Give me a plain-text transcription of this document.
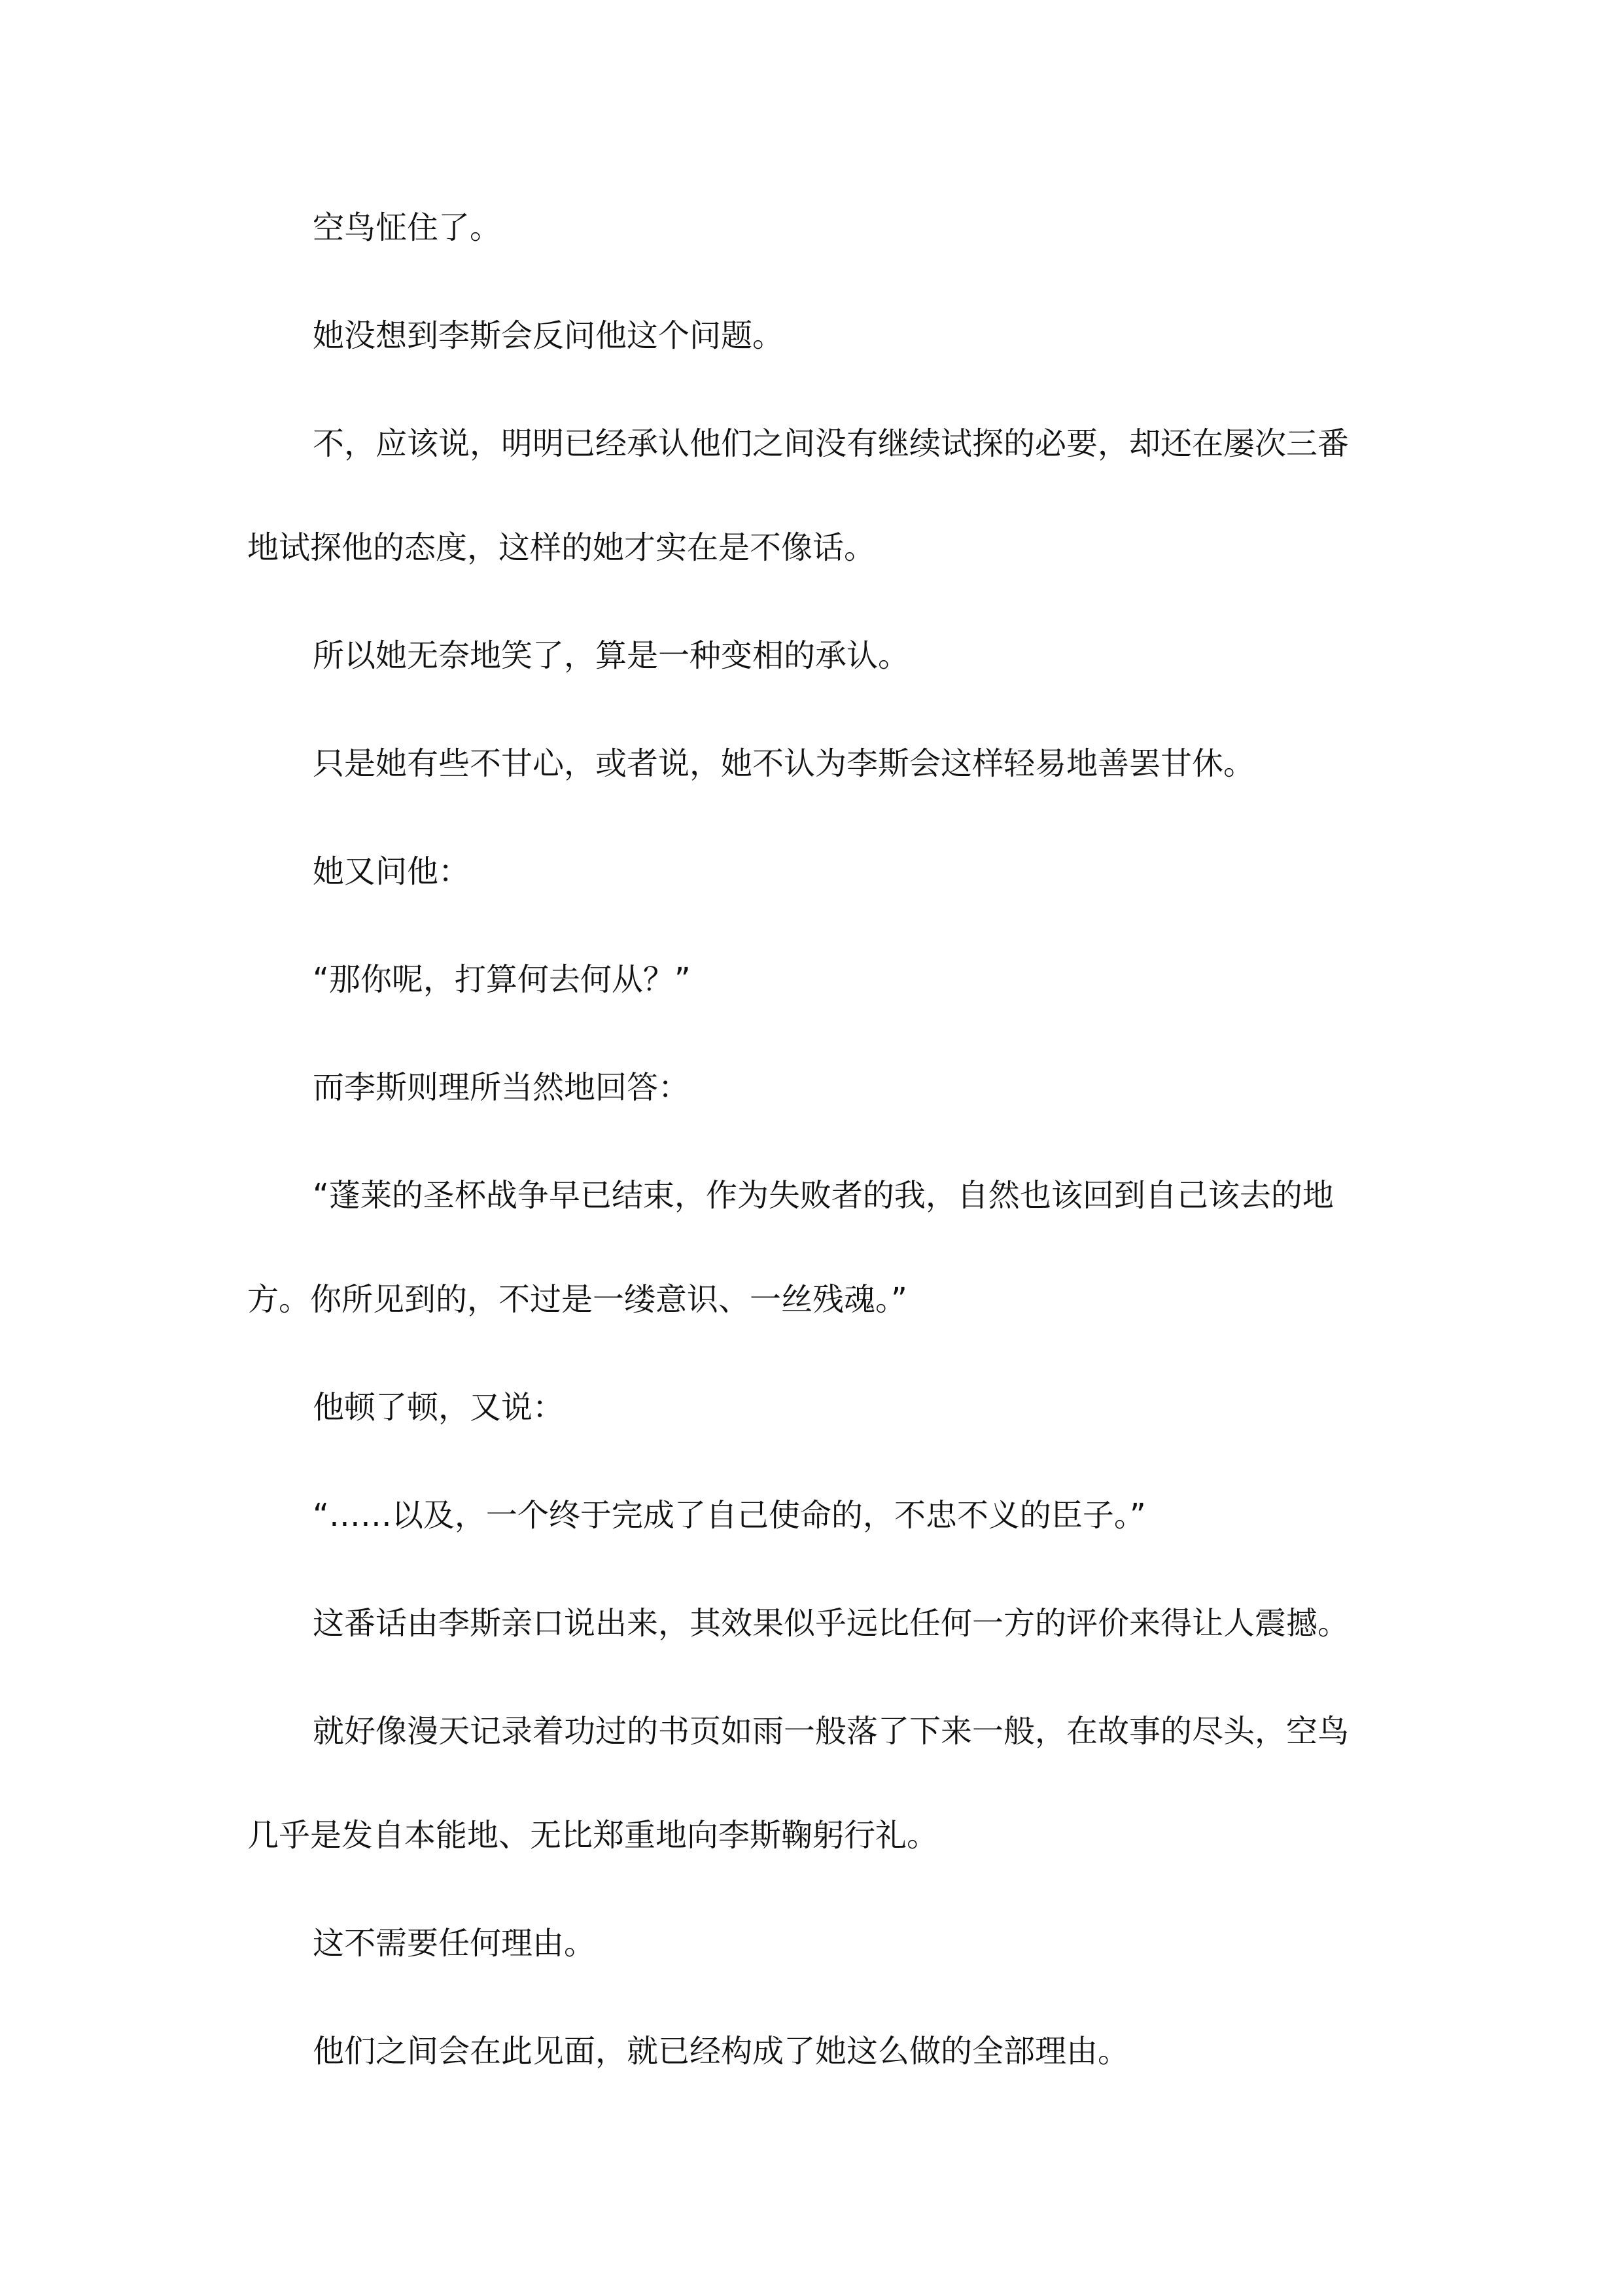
空鸟怔住了。

她没想到李斯会反问他这个问题。

不，应该说，明明已经承认他们之间没有继续试探的必要，却还在屡次三番
地试探他的态度，这样的她才实在是不像话。

所以她无奈地笑了，算是一种变相的承认。

只是她有些不甘心，或者说，她不认为李斯会这样轻易地善罢甘休。

她又问他：

“那你呢，打算何去何从？”

而李斯则理所当然地回答：

“蓬莱的圣杯战争早已结束，作为失败者的我，自然也该回到自己该去的地
方。你所见到的，不过是一缕意识、一丝残魂。”

他顿了顿，又说：

“……以及，一个终于完成了自己使命的，不忠不义的臣子。”

这番话由李斯亲口说出来，其效果似乎远比任何一方的评价来得让人震撼。

就好像漫天记录着功过的书页如雨一般落了下来一般，在故事的尽头，空鸟
几乎是发自本能地、无比郑重地向李斯鞠躬行礼。

这不需要任何理由。

他们之间会在此见面，就已经构成了她这么做的全部理由。
